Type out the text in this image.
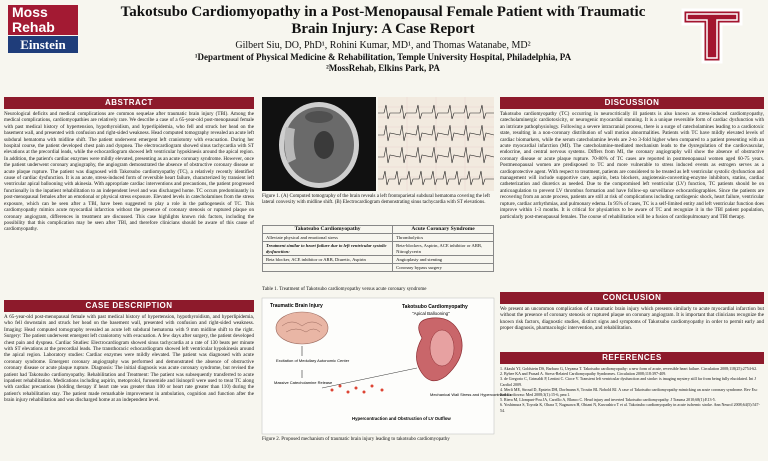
Moss
Rehab
Einstein
Takotsubo Cardiomyopathy in a Post-Menopausal Female Patient with Traumatic Brain Injury: A Case Report
Gilbert Siu, DO, PhD¹, Rohini Kumar, MD¹, and Thomas Watanabe, MD²
¹Department of Physical Medicine & Rehabilitation, Temple University Hospital, Philadelphia, PA
²MossRehab, Elkins Park, PA
ABSTRACT
Neurological deficits and medical complications are common sequelae after traumatic brain injury (TBI). Among the medical complications, cardiomyopathies are relatively rare. We describe a case of a 65-year-old post-menopausal female with past medical history of hypertension, hypothyroidism, and hyperlipidemia, who fell and struck her head on the basement wall, and presented with confusion and right-sided weakness. Head computed tomography revealed an acute left subdural hematoma with midline shift. The patient underwent emergent left craniotomy with evacuation. During her hospital course, the patient developed chest pain and dyspnea. The electrocardiogram showed sinus tachycardia with ST elevations at the precordial leads, while the echocardiogram showed left ventricular hypokinesis around the apical region. In addition, the patient's cardiac enzymes were mildly elevated, presenting as an acute coronary syndrome. However, once the patient underwent coronary angiography, the angiogram demonstrated the absence of obstructive coronary disease or acute plaque rupture. The patient was diagnosed with Takotsubo cardiomyopathy (TC), a relatively recently identified cause of cardiac dysfunction. It is an acute, stress-induced form of reversible heart failure, characterized by transient left ventricular apical ballooning with akinesia. With appropriate cardiac interventions and precautions, the patient progressed functionally in the inpatient rehabilitation to an independent level and was discharged home. TC occurs predominantly in post-menopausal females after an emotional or physical stress exposure. Elevated levels in catecholamines from the stress exposure, which can be seen after a TBI, have been suggested to play a role in the pathogenesis of TC. This cardiomyopathy mimics acute myocardial infarction without the presence of coronary stenosis or ruptured plaque on coronary angiogram, differences in treatment are discussed. This case highlights known risk factors, including the possibility that this complication may be seen after TBI, and therefore clinicians should be aware of this cause of cardiomyopathy.
CASE DESCRIPTION
A 65-year-old post-menopausal female with past medical history of hypertension, hypothyroidism, and hyperlipidemia, who fell downstairs and struck her head on the basement wall, presented with confusion and right-sided weakness. Imaging: Head computed tomography revealed an acute left subdural hematoma with 9 mm midline shift to the right. Surgery: The patient underwent emergent left craniotomy with evacuation. A few days after surgery, the patient developed chest pain and dyspnea. Cardiac Studies: Electrocardiogram showed sinus tachycardia at a rate of 130 beats per minute with ST elevations at the precordial leads. The transthoracic echocardiogram showed left ventricular hypokinesis around the apical region. Laboratory studies: Cardiac enzymes were mildly elevated. The patient was diagnosed with acute coronary syndrome. Emergent coronary angiography was performed and demonstrated the absence of obstructive coronary disease or acute plaque rupture. Diagnosis: The initial diagnosis was acute coronary syndrome, but revised the patient had Takotsubo cardiomyopathy. Rehabilitation and Treatment: The patient was subsequently transferred to acute inpatient rehabilitation. Medications including aspirin, metoprolol, furosemide and lisinopril were used to treat TC along with cardiac precautions (holding therapy if heart rate was greater than 100 or heart rate greater than 110) during the patient's rehabilitation stay. The patient made remarkable improvement in ambulation, cognition and function after the brain injury rehabilitation and was discharged home at an independent level.
Figure 1. (A) Computed tomography of the brain reveals a left frontoparietal subdural hematoma covering the left lateral convexity with midline shift. (B) Electrocardiogram demonstrating sinus tachycardia with ST elevations.
Takotsubo Cardiomyopathy	Acute Coronary Syndrome
Alleviate physical and emotional stress	Thrombolytics
Treatment similar to heart failure due to left ventricular systolic dysfunction:	Beta-blockers, Aspirin, ACE inhibitor or ARB, Nitroglycerin
Beta blocker, ACE inhibitor or ARB, Diuretic, Aspirin	Angioplasty and stenting
	Coronary bypass surgery
Table 1. Treatment of Takotsubo cardiomyopathy versus acute coronary syndrome
Traumatic Brain Injury	Takotsubo Cardiomyopathy
"Apical Ballooning"
Excitation of Medullary Autonomic Center
Massive Catecholamine Release
Mechanical Wall Stress and Hypercontraction
Hypercontraction and Obstruction of LV Outflow
Figure 2. Proposed mechanism of traumatic brain injury leading to takotsubo cardiomyopathy
DISCUSSION
Takotsubo cardiomyopathy (TC) occurring in neurocritically ill patients is also known as stress-induced cardiomyopathy, catecholaminergic cardiotoxicity, or neurogenic myocardial stunning. It is a unique reversible form of cardiac dysfunction with an intricate pathophysiology. Following a severe intracranial process, there is a surge of catecholamines leading to a cardiotoxic state, resulting in a non-coronary distribution of wall motion abnormalities. Patients with TC have mildly elevated levels of cardiac biomarkers, while the serum catecholamine levels are 2-to 3-fold higher when compared to a patient presenting with an acute myocardial infarction (MI). The catecholamine-mediated mechanism leads to the dysregulation of the cardiovascular, endocrine, and central nervous systems. Differs from MI, the coronary angiography will show the absence of obstructive coronary disease or acute plaque rupture. 70-80% of TC cases are reported in postmenopausal women aged 60-75 years. Postmenopausal women are predisposed to TC and more vulnerable to stress induced events as estrogen serves as a cardioprotective agent. With respect to treatment, patients are considered to be treated as left ventricular systolic dysfunction and management will include supportive care, aspirin, beta blockers, angiotensin-converting-enzyme inhibitors, statins, cardiac catheterization and diuretics as needed. Due to the compromised left ventricular (LV) function, TC patients should be on anticoagulation to prevent LV thrombus formation and have follow-up surveillance echocardiographies. Since the patients are recovering from an acute process, patients are still at risk of complications including cardiogenic shock, heart failure, ventricular rupture, cardiac arrhythmias, and pulmonary edema. In 95% of cases, TC is a self-limited entity and left ventricular function does improve within 1-3 months. It is critical for physiatrists to be aware of TC and recognize it in the TBI patient population, particularly post-menopausal females. The course of rehabilitation will be a fusion of cardiopulmonary and TBI therapy.
CONCLUSION
We present an uncommon complication of a traumatic brain injury which presents similarly to acute myocardial infarction but without the presence of coronary stenosis or ruptured plaque on coronary angiogram. It is important that clinicians recognize the known risk factors, diagnostic studies, distinct signs and symptoms of Takotsubo cardiomyopathy in order to permit early and proper diagnosis, pharmacologic intervention, and rehabilitation.
REFERENCES
1. Akashi YJ, Goldstein DS, Barbaro G, Ueyama T. Takotsubo cardiomyopathy: a new form of acute, reversible heart failure. Circulation 2008;118(25):2754-62.
2. Bybee KA and Prasad A. Stress-Related Cardiomyopathy Syndromes. Circulation 2008;118:397-409.
3. de Gregorio C, Grimaldi P, Lentini C. Cioce V. Transient left ventricular dysfunction and stroke: is imaging mystery still far from being fully elucidated. Int J Cardiol 2009.
4. Merli ME, Stroud D, Epstein DH, Dorfmann S, Trostin BL Nobold RJ. A case of Takotsubo cardiomyopathy mimicking an acute coronary syndrome. Rev Esc Enf Cardiovasc Med 2008;3(1):15-6, pmc1.
5. Riera M, Llompart-Pou JA, Carrillo A, Blanco C. Head injury and inverted Takotsubo cardiomyopathy. J Trauma 2010;68(1):E13-5.
6. Yoshimura S, Toyoda K, Ohara T, Nagasawa H, Ohtani N, Kuwashiro T et al. Takotsubo cardiomyopathy in acute ischemic stroke. Ann Neurol 2008;64(5):547-54.
